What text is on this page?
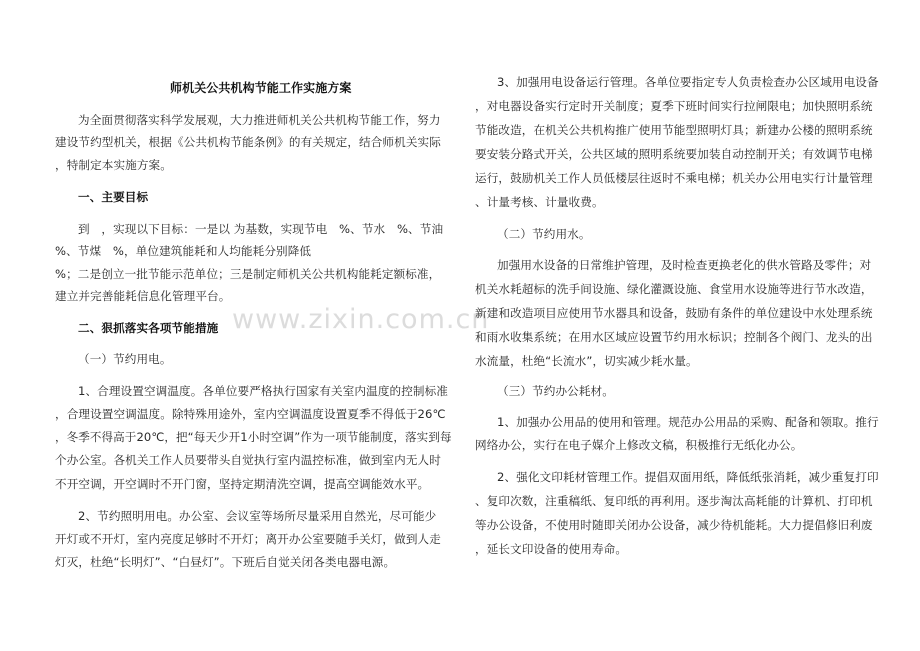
www.zixin.com.cn
师机关公共机构节能工作实施方案
为全面贯彻落实科学发展观，大力推进师机关公共机构节能工作，努力
建设节约型机关，根据《公共机构节能条例》的有关规定，结合师机关实际
，特制定本实施方案。
一、主要目标
到　，实现以下目标：一是以 为基数，实现节电　%、节水　%、节油
%、节煤　%，单位建筑能耗和人均能耗分别降低
%；二是创立一批节能示范单位；三是制定师机关公共机构能耗定额标准，
建立并完善能耗信息化管理平台。
二、狠抓落实各项节能措施
（一）节约用电。
1、合理设置空调温度。各单位要严格执行国家有关室内温度的控制标准
，合理设置空调温度。除特殊用途外，室内空调温度设置夏季不得低于26℃
，冬季不得高于20℃，把“每天少开1小时空调”作为一项节能制度，落实到每
个办公室。各机关工作人员要带头自觉执行室内温控标准，做到室内无人时
不开空调，开空调时不开门窗，坚持定期清洗空调，提高空调能效水平。
2、节约照明用电。办公室、会议室等场所尽量采用自然光，尽可能少
开灯或不开灯，室内亮度足够时不开灯；离开办公室要随手关灯，做到人走
灯灭，杜绝“长明灯”、“白昼灯”。下班后自觉关闭各类电器电源。
3、加强用电设备运行管理。各单位要指定专人负责检查办公区域用电设备
，对电器设备实行定时开关制度；夏季下班时间实行拉闸限电；加快照明系统
节能改造，在机关公共机构推广使用节能型照明灯具；新建办公楼的照明系统
要安装分路式开关，公共区域的照明系统要加装自动控制开关；有效调节电梯
运行，鼓励机关工作人员低楼层往返时不乘电梯；机关办公用电实行计量管理
、计量考核、计量收费。
（二）节约用水。
加强用水设备的日常维护管理，及时检查更换老化的供水管路及零件；对
机关水耗超标的洗手间设施、绿化灌溉设施、食堂用水设施等进行节水改造，
新建和改造项目应使用节水器具和设备，鼓励有条件的单位建设中水处理系统
和雨水收集系统；在用水区域应设置节约用水标识；控制各个阀门、龙头的出
水流量，杜绝“长流水”，切实减少耗水量。
（三）节约办公耗材。
1、加强办公用品的使用和管理。规范办公用品的采购、配备和领取。推行
网络办公，实行在电子媒介上修改文稿，积极推行无纸化办公。
2、强化文印耗材管理工作。提倡双面用纸，降低纸张消耗，减少重复打印
、复印次数，注重稿纸、复印纸的再利用。逐步淘汰高耗能的计算机、打印机
等办公设备，不使用时随即关闭办公设备，减少待机能耗。大力提倡修旧利废
，延长文印设备的使用寿命。
